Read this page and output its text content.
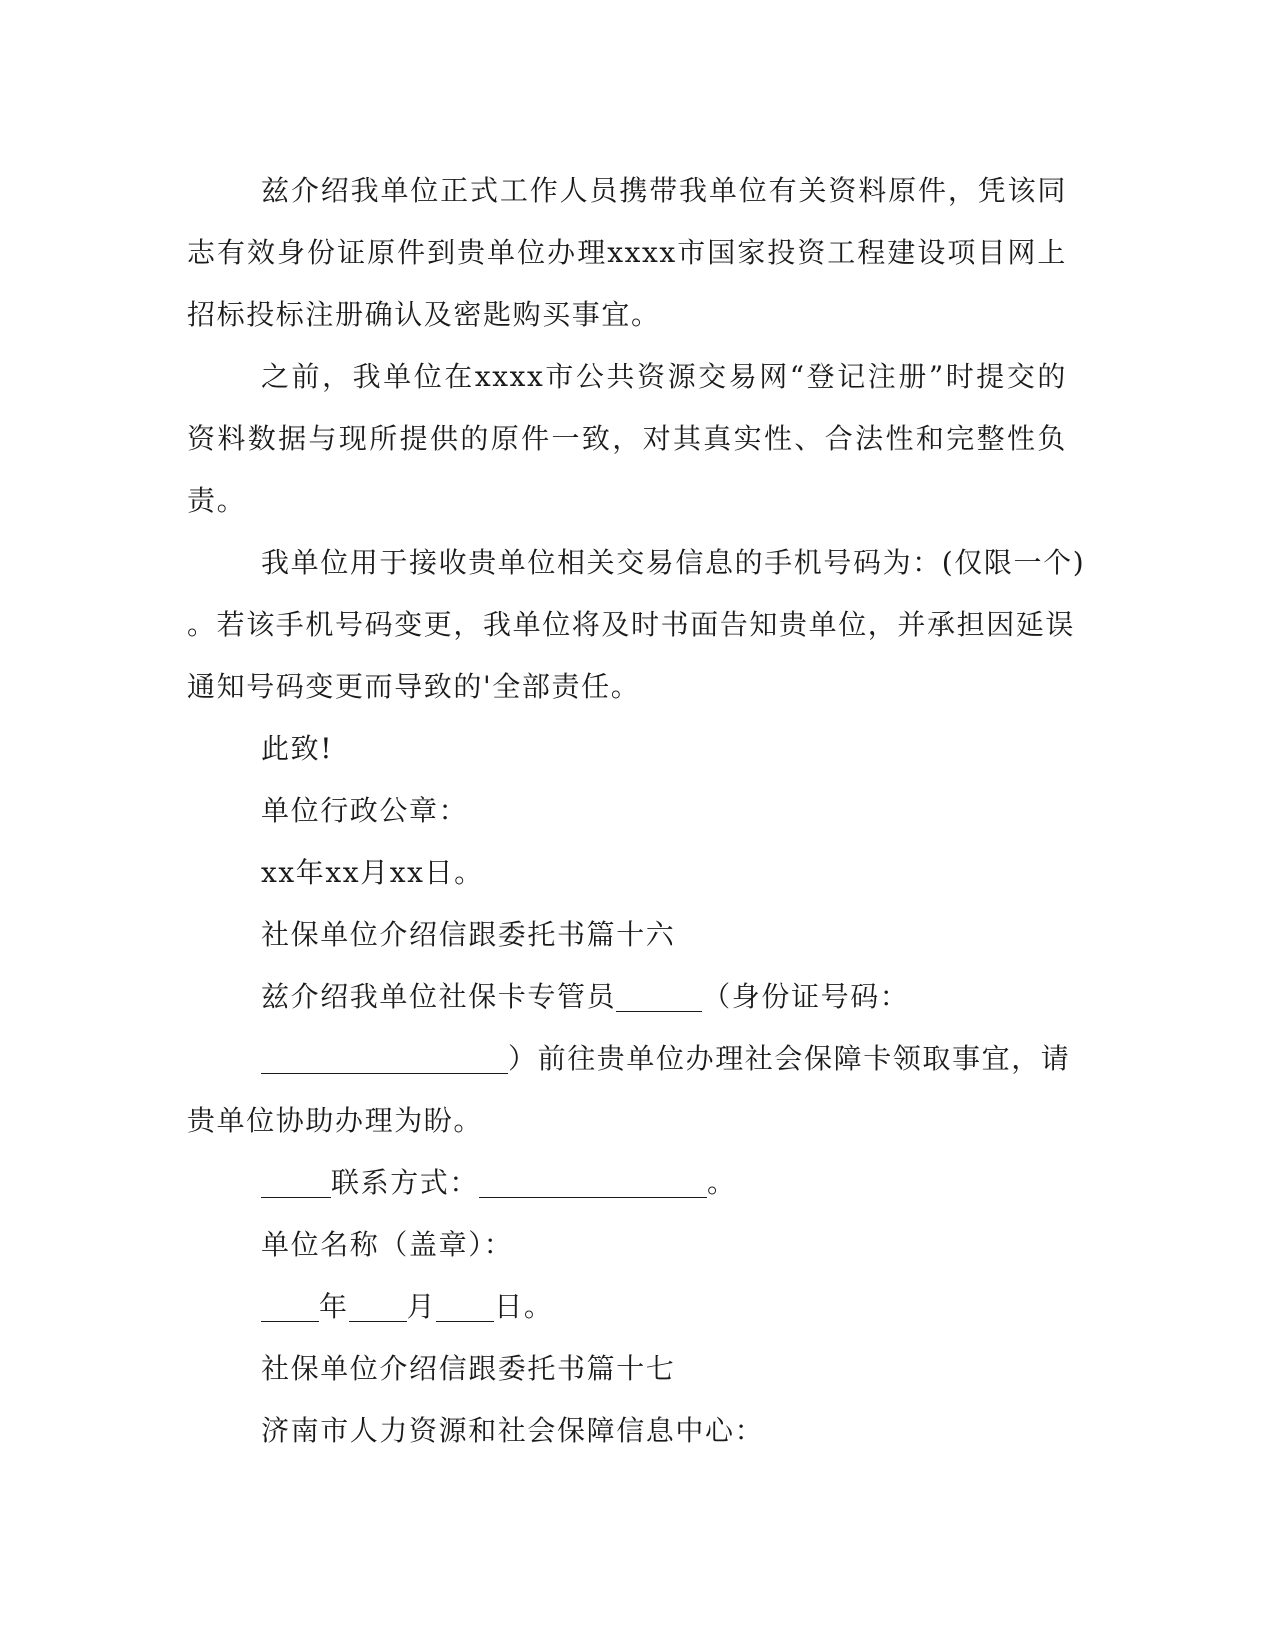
兹介绍我单位正式工作人员携带我单位有关资料原件，凭该同志有效身份证原件到贵单位办理xxxx市国家投资工程建设项目网上招标投标注册确认及密匙购买事宜。

之前，我单位在xxxx市公共资源交易网“登记注册”时提交的资料数据与现所提供的原件一致，对其真实性、合法性和完整性负责。

我单位用于接收贵单位相关交易信息的手机号码为：(仅限一个)
。若该手机号码变更，我单位将及时书面告知贵单位，并承担因延误
通知号码变更而导致的'全部责任。
此致!
单位行政公章：
xx年xx月xx日。
社保单位介绍信跟委托书篇十六
兹介绍我单位社保卡专管员	（身份证号码：
）前往贵单位办理社会保障卡领取事宜，请
贵单位协助办理为盼。
联系方式：	。
单位名称（盖章）：
年 月 日。
社保单位介绍信跟委托书篇十七
济南市人力资源和社会保障信息中心：
